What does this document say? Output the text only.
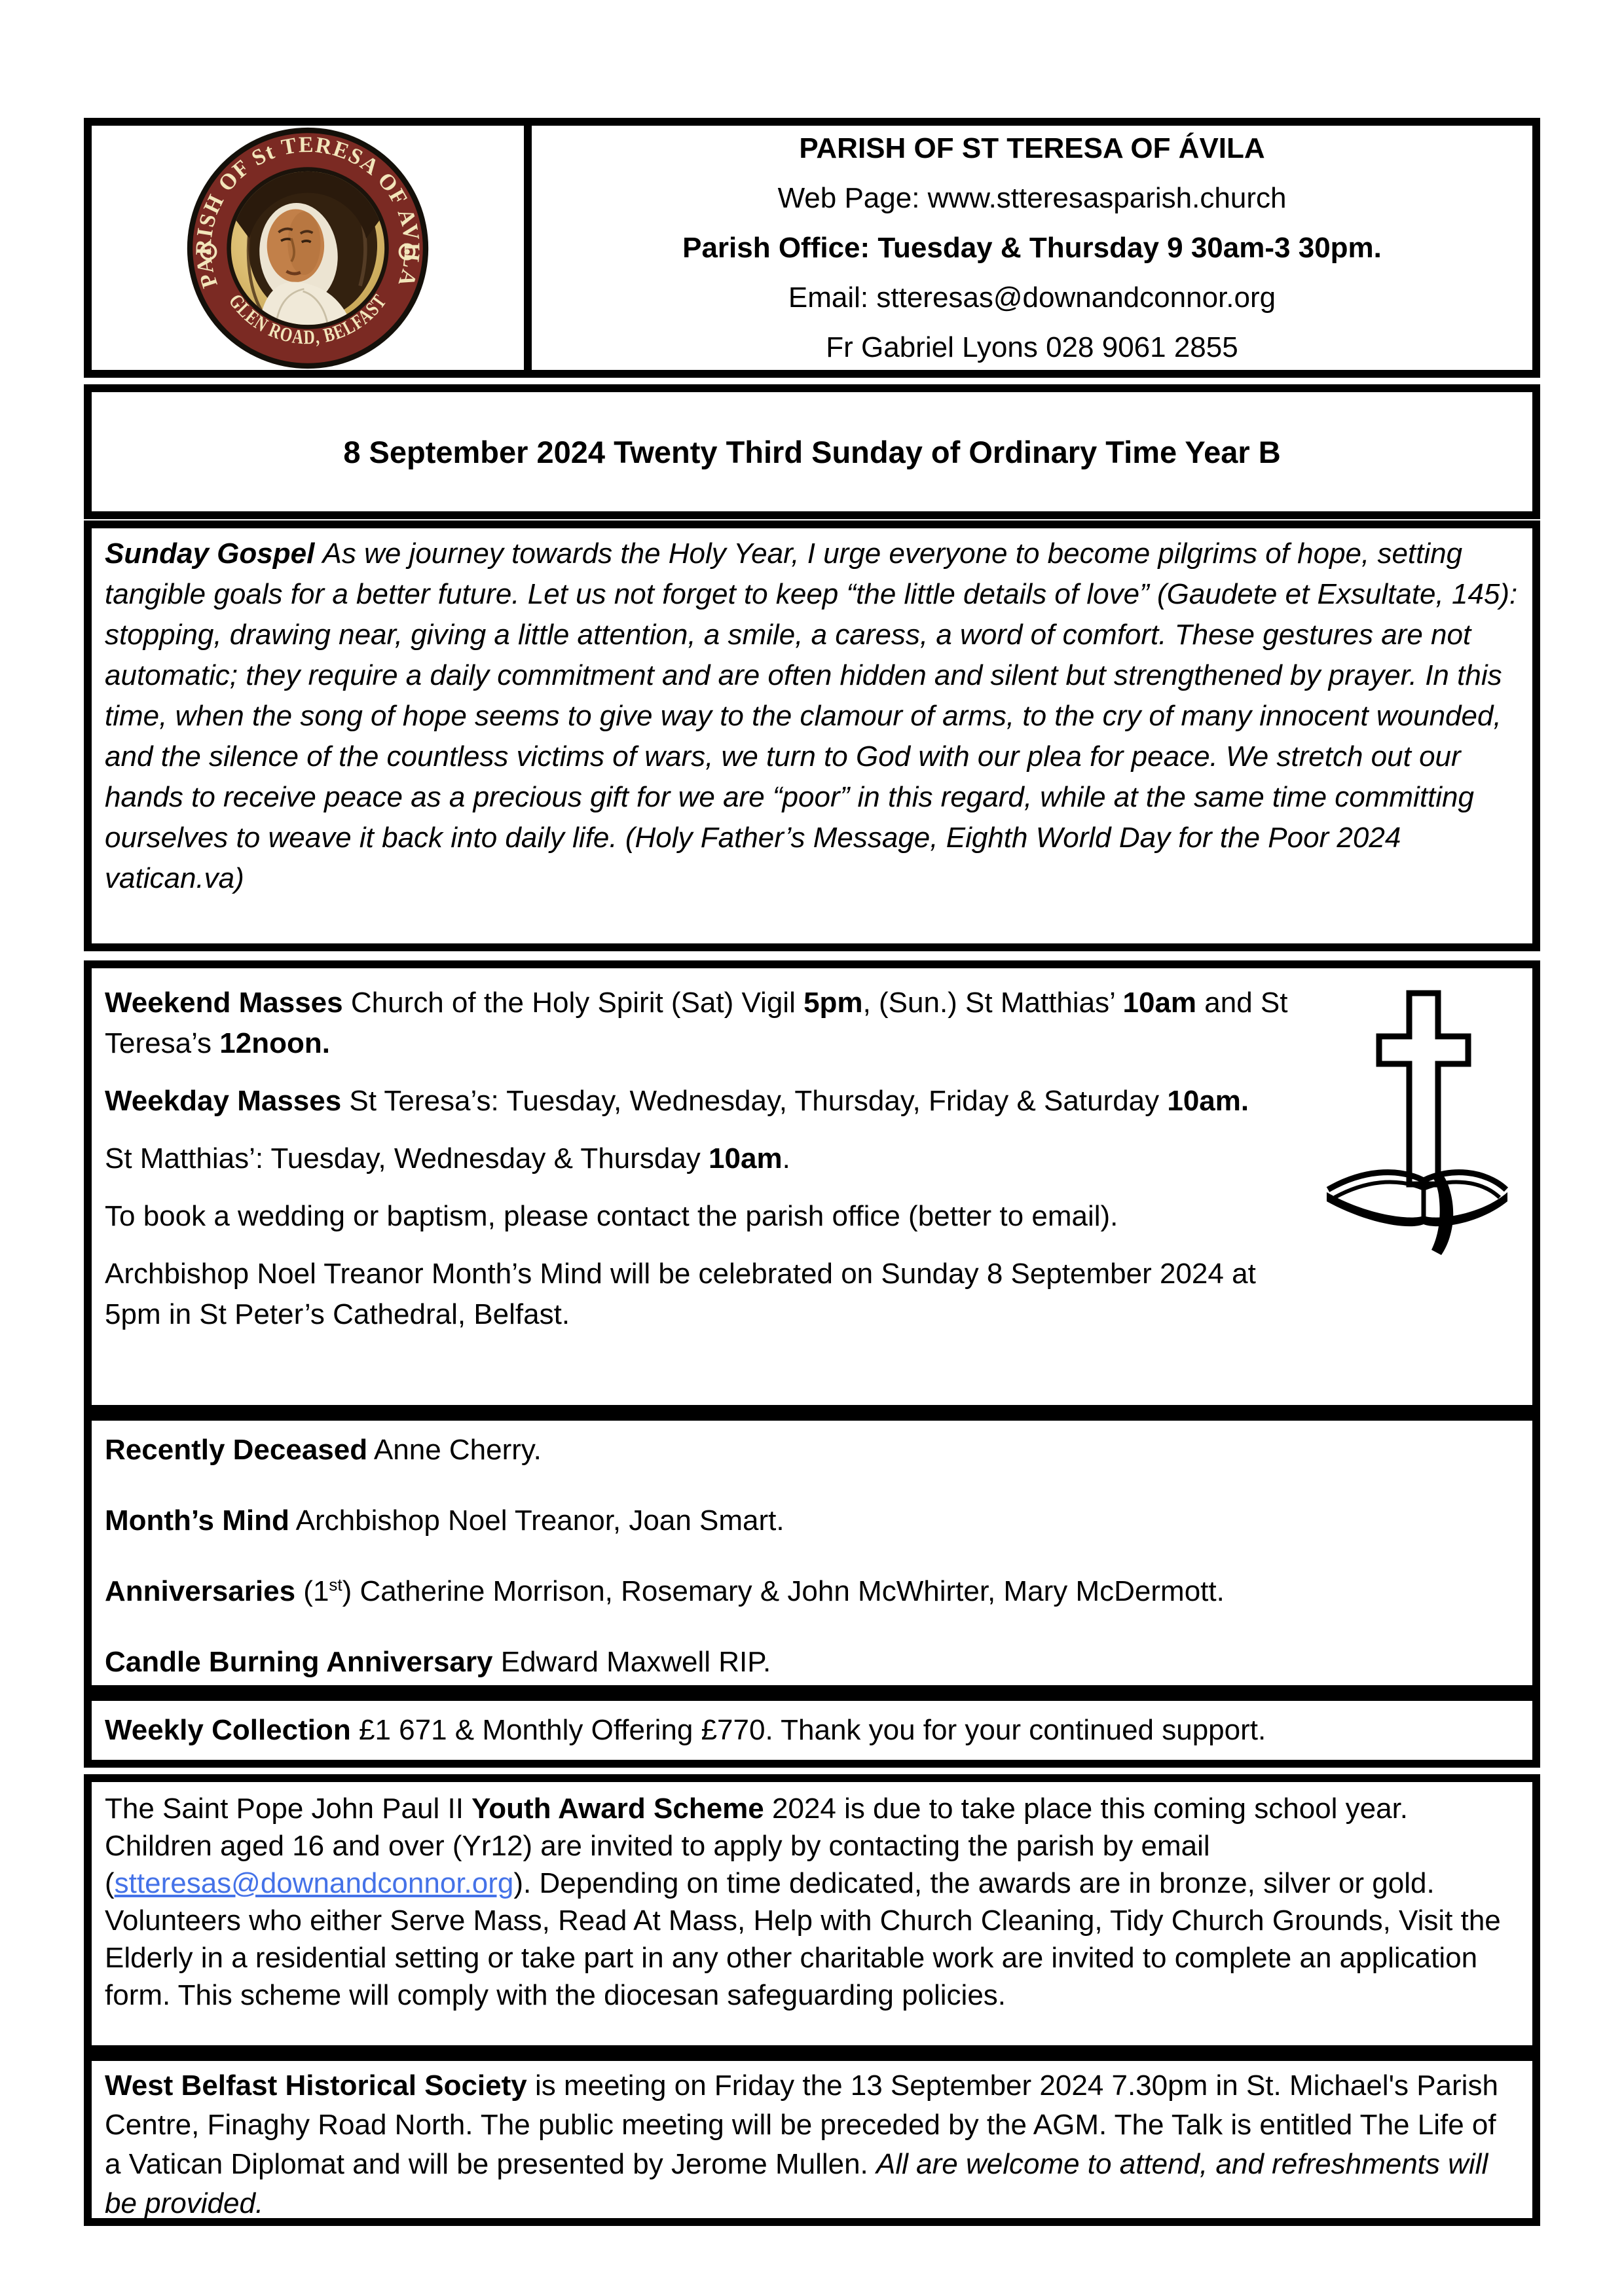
PARISH OF St TERESA OF AVILA
GLEN ROAD, BELFAST
PARISH OF ST TERESA OF ÁVILA
Web Page: www.stteresasparish.church
Parish Office: Tuesday & Thursday 9 30am-3 30pm.
Email: stteresas@downandconnor.org
Fr Gabriel Lyons 028 9061 2855
8 September 2024 Twenty Third Sunday of Ordinary Time Year B
Sunday Gospel As we journey towards the Holy Year, I urge everyone to become pilgrims of hope, setting tangible goals for a better future. Let us not forget to keep “the little details of love” (Gaudete et Exsultate, 145): stopping, drawing near, giving a little attention, a smile, a caress, a word of comfort. These gestures are not automatic; they require a daily commitment and are often hidden and silent but strengthened by prayer. In this time, when the song of hope seems to give way to the clamour of arms, to the cry of many innocent wounded, and the silence of the countless victims of wars, we turn to God with our plea for peace. We stretch out our hands to receive peace as a precious gift for we are “poor” in this regard, while at the same time committing ourselves to weave it back into daily life. (Holy Father’s Message, Eighth World Day for the Poor 2024 vatican.va)

Weekend Masses Church of the Holy Spirit (Sat) Vigil 5pm, (Sun.) St Matthias’ 10am and St Teresa’s 12noon.

Weekday Masses St Teresa’s: Tuesday, Wednesday, Thursday, Friday & Saturday 10am.

St Matthias’: Tuesday, Wednesday & Thursday 10am.

To book a wedding or baptism, please contact the parish office (better to email).

Archbishop Noel Treanor Month’s Mind will be celebrated on Sunday 8 September 2024 at 5pm in St Peter’s Cathedral, Belfast.

Recently Deceased Anne Cherry.

Month’s Mind Archbishop Noel Treanor, Joan Smart.

Anniversaries (1st) Catherine Morrison, Rosemary & John McWhirter, Mary McDermott.

Candle Burning Anniversary Edward Maxwell RIP.

Weekly Collection £1 671 & Monthly Offering £770. Thank you for your continued support.

The Saint Pope John Paul II Youth Award Scheme 2024 is due to take place this coming school year. Children aged 16 and over (Yr12) are invited to apply by contacting the parish by email (stteresas@downandconnor.org). Depending on time dedicated, the awards are in bronze, silver or gold.  Volunteers who either Serve Mass, Read At Mass, Help with Church Cleaning, Tidy Church Grounds, Visit the Elderly in a residential setting or take part in any other charitable work are invited to complete an application form. This scheme will comply with the diocesan safeguarding policies.
West Belfast Historical Society is meeting on Friday the 13 September 2024 7.30pm in St. Michael's Parish Centre, Finaghy Road North. The public meeting will be preceded by the AGM. The Talk is entitled The Life of a Vatican Diplomat and will be presented by Jerome Mullen. All are welcome to attend, and refreshments will be provided.
